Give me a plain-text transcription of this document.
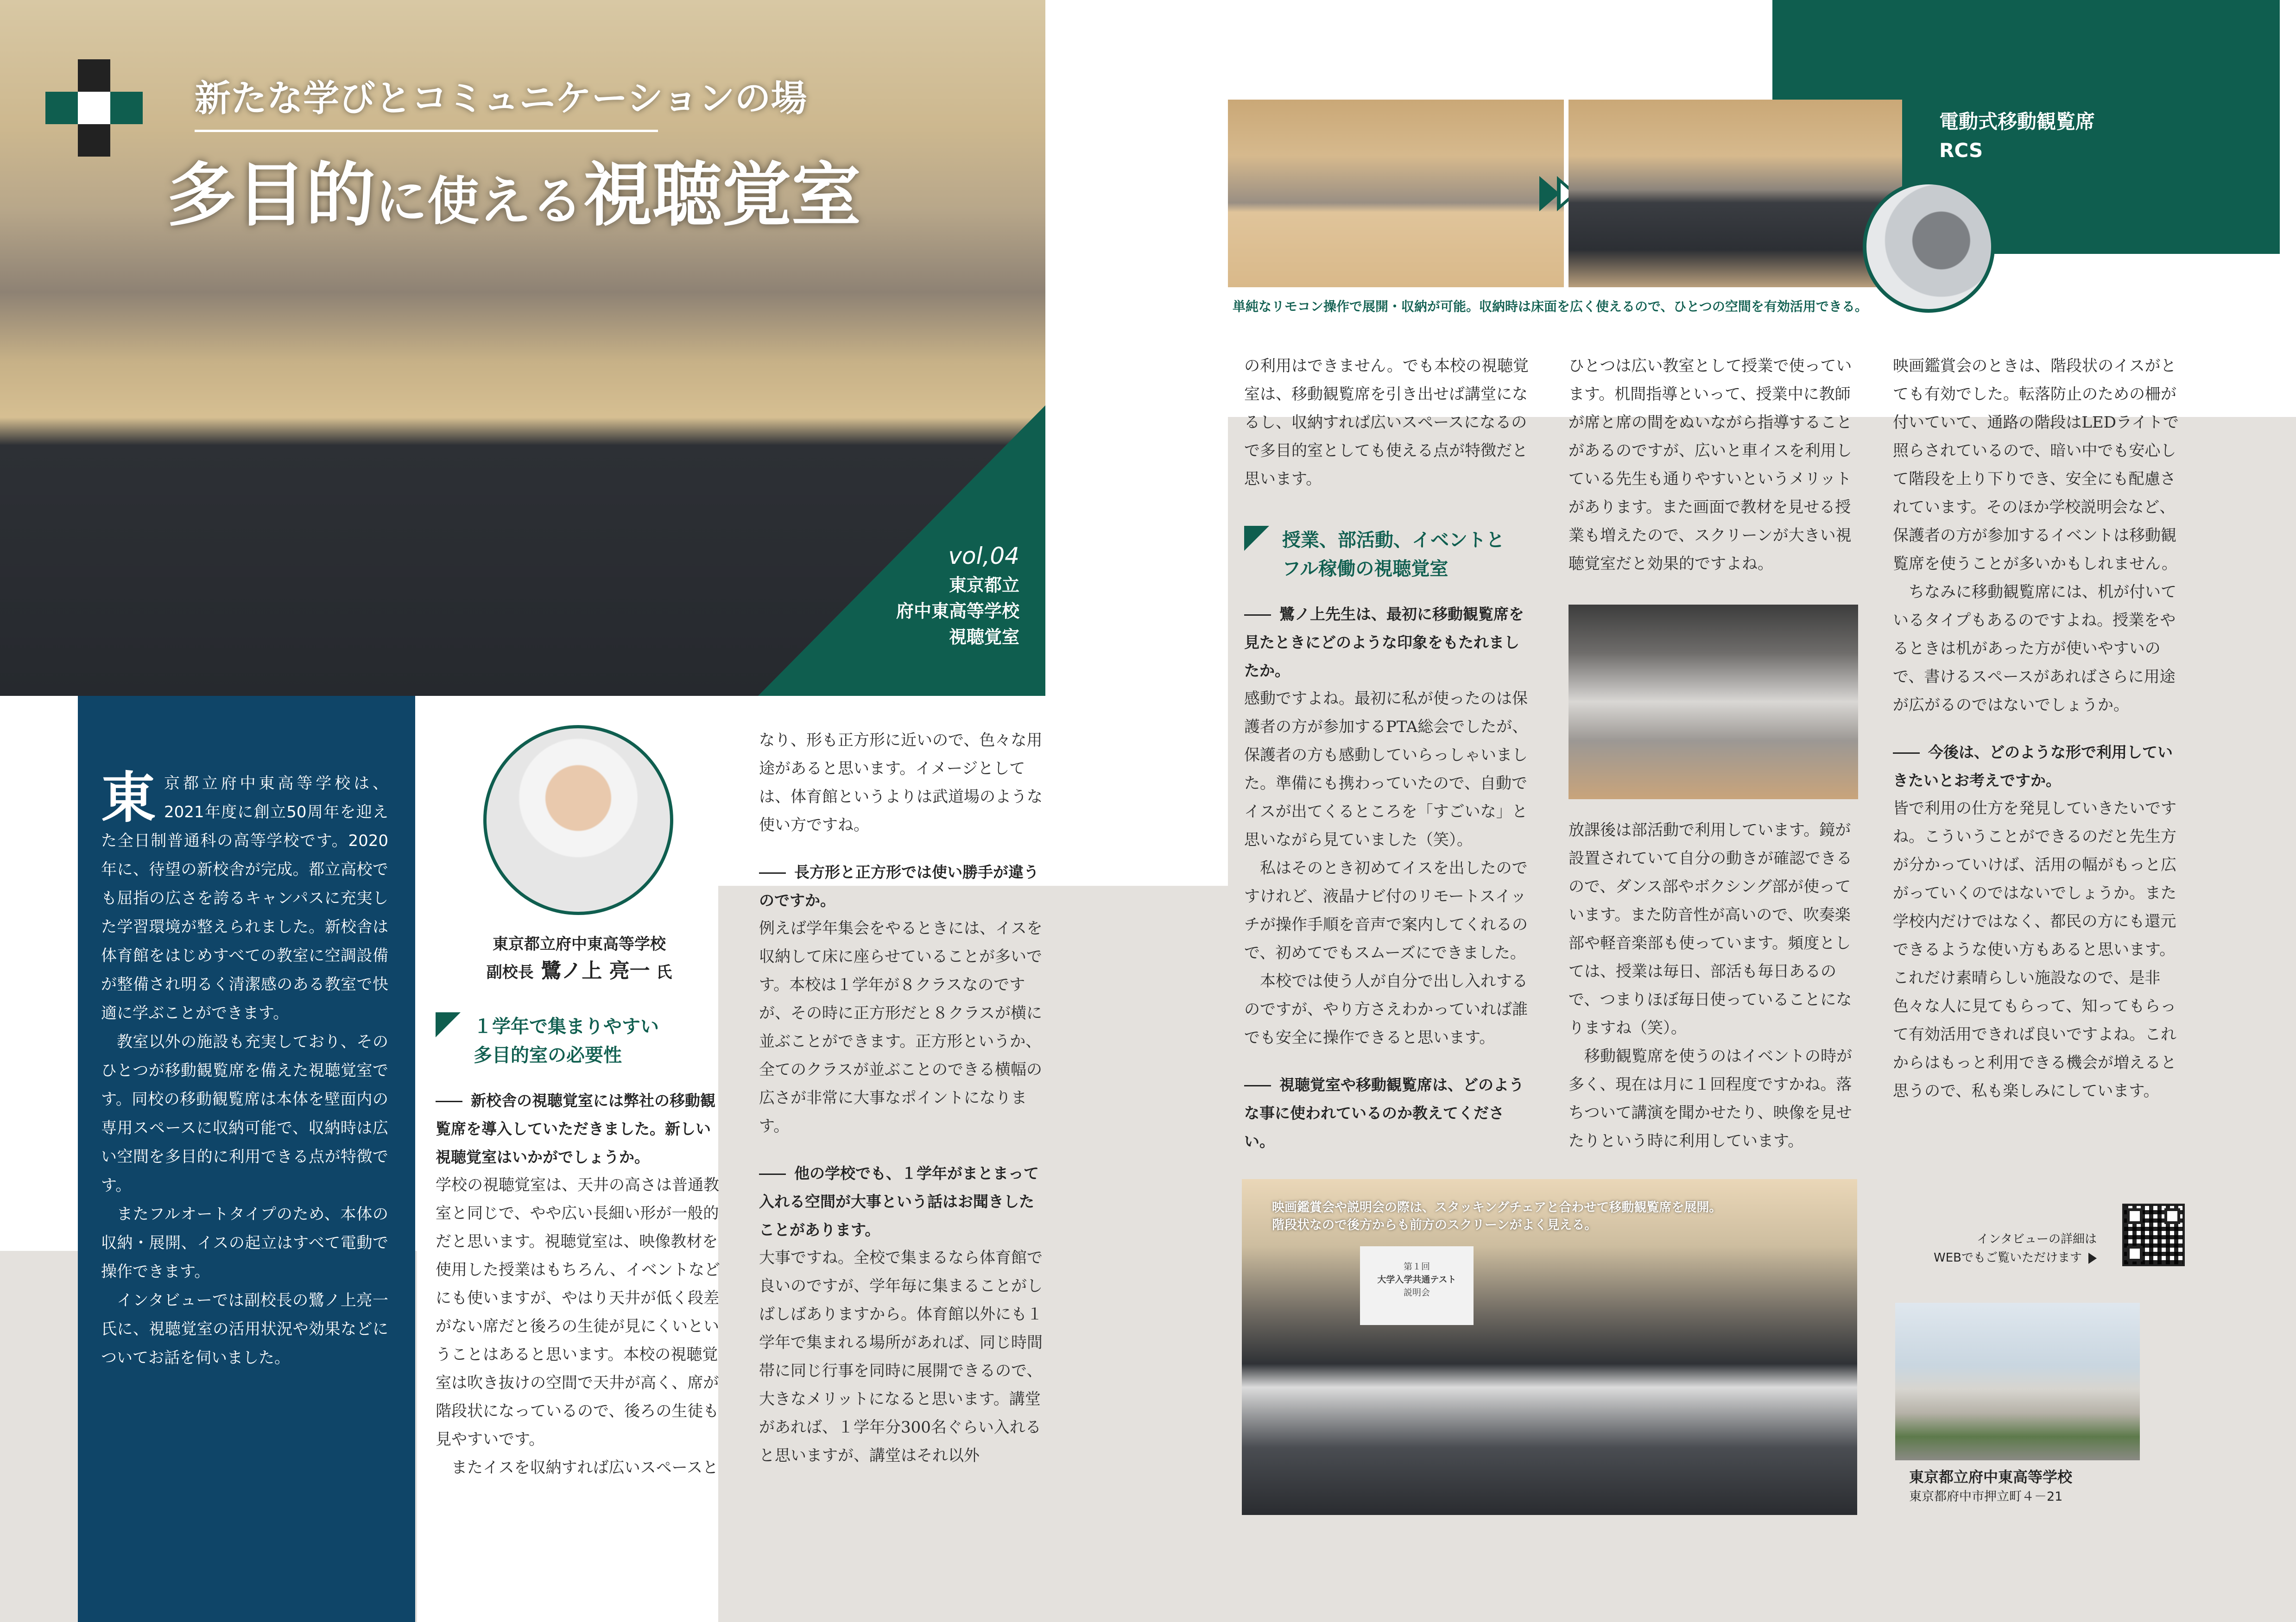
新たな学びとコミュニケーションの場
多目的に使える視聴覚室
vol,04
東京都立
府中東高等学校
視聴覚室
電動式移動観覧席
RCS
単純なリモコン操作で展開・収納が可能。収納時は床面を広く使えるので、ひとつの空間を有効活用できる。

東京都立府中東高等学校は、2021年度に創立50周年を迎えた全日制普通科の高等学校です。2020年に、待望の新校舎が完成。都立高校でも屈指の広さを誇るキャンパスに充実した学習環境が整えられました。新校舎は体育館をはじめすべての教室に空調設備が整備され明るく清潔感のある教室で快適に学ぶことができます。

教室以外の施設も充実しており、そのひとつが移動観覧席を備えた視聴覚室です。同校の移動観覧席は本体を壁面内の専用スペースに収納可能で、収納時は広い空間を多目的に利用できる点が特徴です。

またフルオートタイプのため、本体の収納・展開、イスの起立はすべて電動で操作できます。

インタビューでは副校長の鷺ノ上亮一氏に、視聴覚室の活用状況や効果などについてお話を伺いました。

東京都立府中東高等学校
副校長 鷺ノ上 亮一 氏
１学年で集まりやすい
多目的室の必要性
新校舎の視聴覚室には弊社の移動観覧席を導入していただきました。新しい視聴覚室はいかがでしょうか。

学校の視聴覚室は、天井の高さは普通教室と同じで、やや広い長細い形が一般的だと思います。視聴覚室は、映像教材を使用した授業はもちろん、イベントなどにも使いますが、やはり天井が低く段差がない席だと後ろの生徒が見にくいということはあると思います。本校の視聴覚室は吹き抜けの空間で天井が高く、席が階段状になっているので、後ろの生徒も見やすいです。

またイスを収納すれば広いスペースと

なり、形も正方形に近いので、色々な用途があると思います。イメージとしては、体育館というよりは武道場のような使い方ですね。

長方形と正方形では使い勝手が違うのですか。

例えば学年集会をやるときには、イスを収納して床に座らせていることが多いです。本校は１学年が８クラスなのですが、その時に正方形だと８クラスが横に並ぶことができます。正方形というか、全てのクラスが並ぶことのできる横幅の広さが非常に大事なポイントになります。

他の学校でも、１学年がまとまって入れる空間が大事という話はお聞きしたことがあります。

大事ですね。全校で集まるなら体育館で良いのですが、学年毎に集まることがしばしばありますから。体育館以外にも１学年で集まれる場所があれば、同じ時間帯に同じ行事を同時に展開できるので、大きなメリットになると思います。講堂があれば、１学年分300名ぐらい入れると思いますが、講堂はそれ以外

の利用はできません。でも本校の視聴覚室は、移動観覧席を引き出せば講堂になるし、収納すれば広いスペースになるので多目的室としても使える点が特徴だと思います。

授業、部活動、イベントと
フル稼働の視聴覚室
鷺ノ上先生は、最初に移動観覧席を見たときにどのような印象をもたれましたか。

感動ですよね。最初に私が使ったのは保護者の方が参加するPTA総会でしたが、保護者の方も感動していらっしゃいました。準備にも携わっていたので、自動でイスが出てくるところを「すごいな」と思いながら見ていました（笑）。

私はそのとき初めてイスを出したのですけれど、液晶ナビ付のリモートスイッチが操作手順を音声で案内してくれるので、初めてでもスムーズにできました。

本校では使う人が自分で出し入れするのですが、やり方さえわかっていれば誰でも安全に操作できると思います。

視聴覚室や移動観覧席は、どのような事に使われているのか教えてください。

ひとつは広い教室として授業で使っています。机間指導といって、授業中に教師が席と席の間をぬいながら指導することがあるのですが、広いと車イスを利用している先生も通りやすいというメリットがあります。また画面で教材を見せる授業も増えたので、スクリーンが大きい視聴覚室だと効果的ですよね。

放課後は部活動で利用しています。鏡が設置されていて自分の動きが確認できるので、ダンス部やボクシング部が使っています。また防音性が高いので、吹奏楽部や軽音楽部も使っています。頻度としては、授業は毎日、部活も毎日あるので、つまりほぼ毎日使っていることになりますね（笑）。

移動観覧席を使うのはイベントの時が多く、現在は月に１回程度ですかね。落ちついて講演を聞かせたり、映像を見せたりという時に利用しています。

映画鑑賞会のときは、階段状のイスがとても有効でした。転落防止のための柵が付いていて、通路の階段はLEDライトで照らされているので、暗い中でも安心して階段を上り下りでき、安全にも配慮されています。そのほか学校説明会など、保護者の方が参加するイベントは移動観覧席を使うことが多いかもしれません。

ちなみに移動観覧席には、机が付いているタイプもあるのですよね。授業をやるときは机があった方が使いやすいので、書けるスペースがあればさらに用途が広がるのではないでしょうか。

今後は、どのような形で利用していきたいとお考えですか。

皆で利用の仕方を発見していきたいですね。こういうことができるのだと先生方が分かっていけば、活用の幅がもっと広がっていくのではないでしょうか。また学校内だけではなく、都民の方にも還元できるような使い方もあると思います。これだけ素晴らしい施設なので、是非色々な人に見てもらって、知ってもらって有効活用できれば良いですよね。これからはもっと利用できる機会が増えると思うので、私も楽しみにしています。

第１回
大学入学共通テスト
説明会
映画鑑賞会や説明会の際は、スタッキングチェアと合わせて移動観覧席を展開。
階段状なので後方からも前方のスクリーンがよく見える。
インタビューの詳細は
WEBでもご覧いただけます
東京都立府中東高等学校
東京都府中市押立町４－21
